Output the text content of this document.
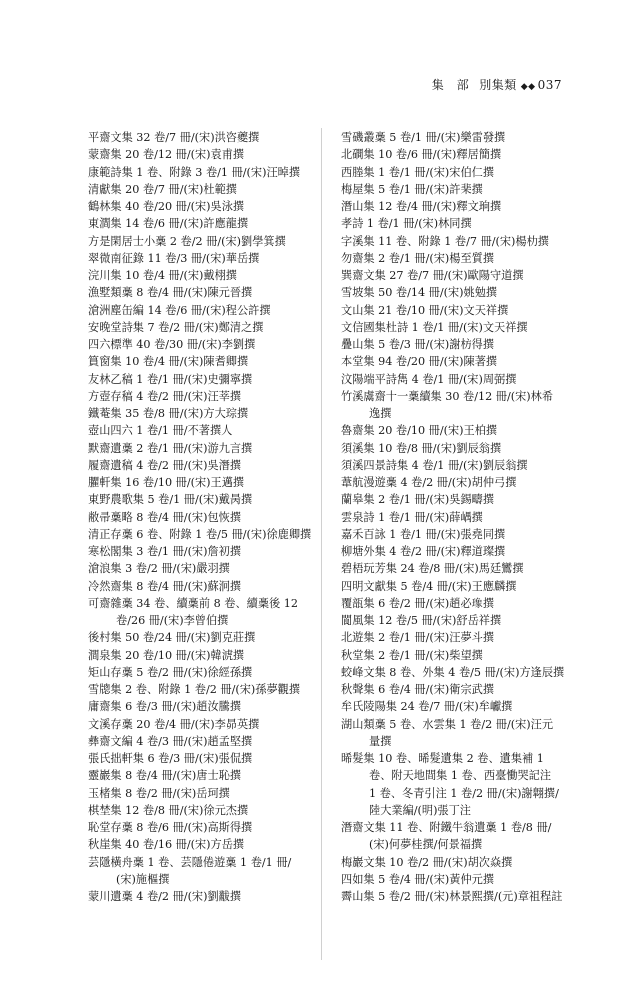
集　部 別集類 ◆◆ 037
平齋文集 32 卷/7 冊/(宋)洪咨夔撰
蒙齋集 20 卷/12 冊/(宋)袁甫撰
康範詩集 1 卷、附錄 3 卷/1 冊/(宋)汪晫撰
清獻集 20 卷/7 冊/(宋)杜範撰
鶴林集 40 卷/20 冊/(宋)吳泳撰
東澗集 14 卷/6 冊/(宋)許應龍撰
方是閑居士小稾 2 卷/2 冊/(宋)劉學箕撰
翠微南征錄 11 卷/3 冊/(宋)華岳撰
浣川集 10 卷/4 冊/(宋)戴栩撰
漁墅類稾 8 卷/4 冊/(宋)陳元晉撰
滄洲塵缶編 14 卷/6 冊/(宋)程公許撰
安晚堂詩集 7 卷/2 冊/(宋)鄭清之撰
四六標準 40 卷/30 冊/(宋)李劉撰
篔窗集 10 卷/4 冊/(宋)陳耆卿撰
友林乙稿 1 卷/1 冊/(宋)史彌寧撰
方壺存稿 4 卷/2 冊/(宋)汪莘撰
鐵菴集 35 卷/8 冊/(宋)方大琮撰
壺山四六 1 卷/1 冊/不著撰人
默齋遺稾 2 卷/1 冊/(宋)游九言撰
履齋遺稿 4 卷/2 冊/(宋)吳潛撰
臞軒集 16 卷/10 冊/(宋)王邁撰
東野農歌集 5 卷/1 冊/(宋)戴昺撰
敝帚稾略 8 卷/4 冊/(宋)包恢撰
清正存稾 6 卷、附錄 1 卷/5 冊/(宋)徐鹿卿撰
寒松閣集 3 卷/1 冊/(宋)詹初撰
滄浪集 3 卷/2 冊/(宋)嚴羽撰
冷然齋集 8 卷/4 冊/(宋)蘇泂撰
可齋雜稾 34 卷、續稾前 8 卷、續稾後 12
卷/26 冊/(宋)李曾伯撰
後村集 50 卷/24 冊/(宋)劉克莊撰
澗泉集 20 卷/10 冊/(宋)韓淲撰
矩山存稾 5 卷/2 冊/(宋)徐經孫撰
雪牕集 2 卷、附錄 1 卷/2 冊/(宋)孫夢觀撰
庸齋集 6 卷/3 冊/(宋)趙汝騰撰
文溪存稾 20 卷/4 冊/(宋)李昴英撰
彝齋文編 4 卷/3 冊/(宋)趙孟堅撰
張氏拙軒集 6 卷/3 冊/(宋)張侃撰
靈巖集 8 卷/4 冊/(宋)唐士恥撰
玉楮集 8 卷/2 冊/(宋)岳珂撰
棋埜集 12 卷/8 冊/(宋)徐元杰撰
恥堂存稾 8 卷/6 冊/(宋)高斯得撰
秋崖集 40 卷/16 冊/(宋)方岳撰
芸隱橫舟稾 1 卷、芸隱倦遊稾 1 卷/1 冊/
(宋)施樞撰
蒙川遺稾 4 卷/2 冊/(宋)劉黻撰
雪磯叢稾 5 卷/1 冊/(宋)樂雷發撰
北磵集 10 卷/6 冊/(宋)釋居簡撰
西塍集 1 卷/1 冊/(宋)宋伯仁撰
梅屋集 5 卷/1 冊/(宋)許棐撰
潛山集 12 卷/4 冊/(宋)釋文珦撰
孝詩 1 卷/1 冊/(宋)林同撰
字溪集 11 卷、附錄 1 卷/7 冊/(宋)楊朸撰
勿齋集 2 卷/1 冊/(宋)楊至質撰
巽齋文集 27 卷/7 冊/(宋)歐陽守道撰
雪坡集 50 卷/14 冊/(宋)姚勉撰
文山集 21 卷/10 冊/(宋)文天祥撰
文信國集杜詩 1 卷/1 冊/(宋)文天祥撰
疊山集 5 卷/3 冊/(宋)謝枋得撰
本堂集 94 卷/20 冊/(宋)陳著撰
汶陽端平詩雋 4 卷/1 冊/(宋)周弼撰
竹溪鬳齋十一稾續集 30 卷/12 冊/(宋)林希
逸撰
魯齋集 20 卷/10 冊/(宋)王柏撰
須溪集 10 卷/8 冊/(宋)劉辰翁撰
須溪四景詩集 4 卷/1 冊/(宋)劉辰翁撰
葦航漫遊稾 4 卷/2 冊/(宋)胡仲弓撰
蘭皋集 2 卷/1 冊/(宋)吳錫疇撰
雲泉詩 1 卷/1 冊/(宋)薛嵎撰
嘉禾百詠 1 卷/1 冊/(宋)張堯同撰
柳塘外集 4 卷/2 冊/(宋)釋道璨撰
碧梧玩芳集 24 卷/8 冊/(宋)馬廷鸞撰
四明文獻集 5 卷/4 冊/(宋)王應麟撰
覆瓿集 6 卷/2 冊/(宋)趙必𤩪撰
閬風集 12 卷/5 冊/(宋)舒岳祥撰
北遊集 2 卷/1 冊/(宋)汪夢斗撰
秋堂集 2 卷/1 冊/(宋)柴望撰
蛟峰文集 8 卷、外集 4 卷/5 冊/(宋)方逢辰撰
秋聲集 6 卷/4 冊/(宋)衛宗武撰
牟氏陵陽集 24 卷/7 冊/(宋)牟巘撰
湖山類稾 5 卷、水雲集 1 卷/2 冊/(宋)汪元
量撰
晞髮集 10 卷、晞髮遺集 2 卷、遺集補 1
卷、附天地間集 1 卷、西臺慟哭記注
1 卷、冬青引注 1 卷/2 冊/(宋)謝翺撰/
陸大業編/(明)張丁注
潛齋文集 11 卷、附鐵牛翁遺稾 1 卷/8 冊/
(宋)何夢桂撰/何景福撰
梅巖文集 10 卷/2 冊/(宋)胡次焱撰
四如集 5 卷/4 冊/(宋)黃仲元撰
霽山集 5 卷/2 冊/(宋)林景熙撰/(元)章祖程註
